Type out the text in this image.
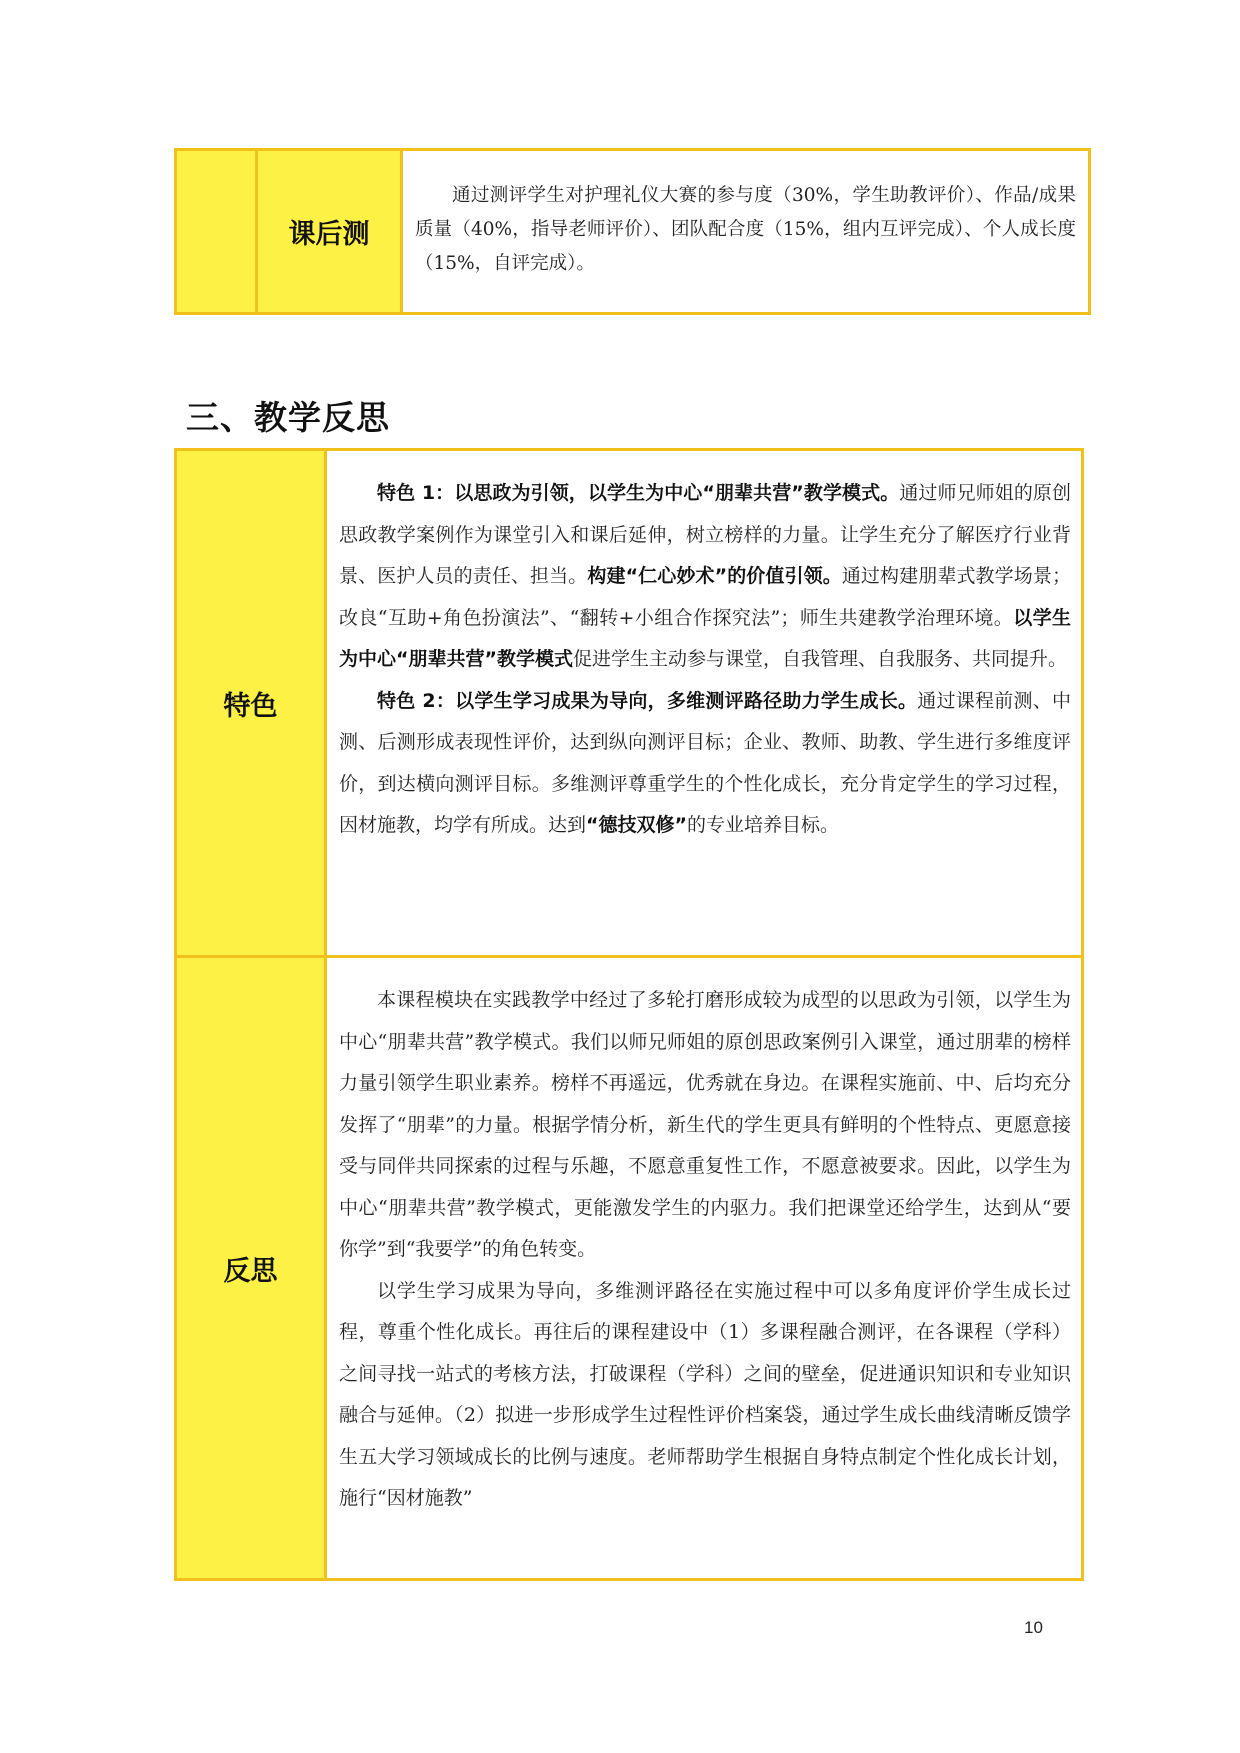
课后测
通过测评学生对护理礼仪大赛的参与度（30%，学生助教评价）、作品/成果质量（40%，指导老师评价）、团队配合度（15%，组内互评完成）、个人成长度（15%，自评完成）。
三、教学反思
特色

特色 1：以思政为引领，以学生为中心“朋辈共营”教学模式。通过师兄师姐的原创思政教学案例作为课堂引入和课后延伸，树立榜样的力量。让学生充分了解医疗行业背景、医护人员的责任、担当。构建“仁心妙术”的价值引领。通过构建朋辈式教学场景；改良“互助+角色扮演法”、“翻转+小组合作探究法”；师生共建教学治理环境。以学生为中心“朋辈共营”教学模式促进学生主动参与课堂，自我管理、自我服务、共同提升。

特色 2：以学生学习成果为导向，多维测评路径助力学生成长。通过课程前测、中测、后测形成表现性评价，达到纵向测评目标；企业、教师、助教、学生进行多维度评价，到达横向测评目标。多维测评尊重学生的个性化成长，充分肯定学生的学习过程，因材施教，均学有所成。达到“德技双修”的专业培养目标。

反思

本课程模块在实践教学中经过了多轮打磨形成较为成型的以思政为引领，以学生为中心“朋辈共营”教学模式。我们以师兄师姐的原创思政案例引入课堂，通过朋辈的榜样力量引领学生职业素养。榜样不再遥远，优秀就在身边。在课程实施前、中、后均充分发挥了“朋辈”的力量。根据学情分析，新生代的学生更具有鲜明的个性特点、更愿意接受与同伴共同探索的过程与乐趣，不愿意重复性工作，不愿意被要求。因此，以学生为中心“朋辈共营”教学模式，更能激发学生的内驱力。我们把课堂还给学生，达到从“要你学”到“我要学”的角色转变。

以学生学习成果为导向，多维测评路径在实施过程中可以多角度评价学生成长过程，尊重个性化成长。再往后的课程建设中（1）多课程融合测评，在各课程（学科）之间寻找一站式的考核方法，打破课程（学科）之间的壁垒，促进通识知识和专业知识融合与延伸。（2）拟进一步形成学生过程性评价档案袋，通过学生成长曲线清晰反馈学生五大学习领域成长的比例与速度。老师帮助学生根据自身特点制定个性化成长计划，施行“因材施教”

10
